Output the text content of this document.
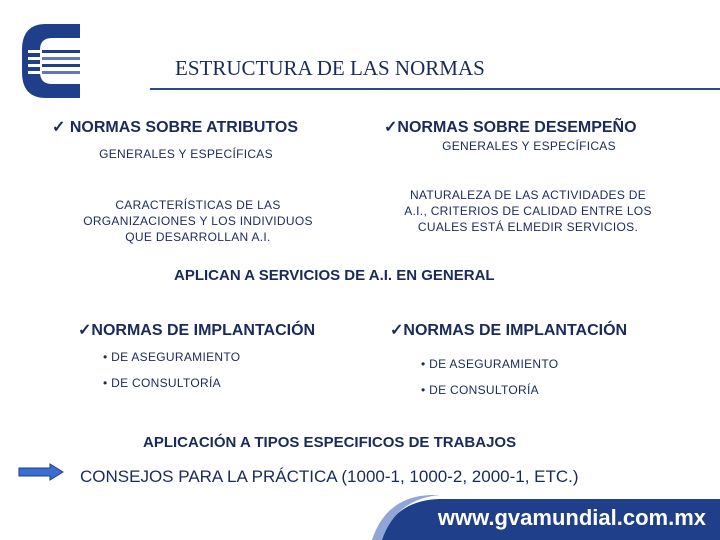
ESTRUCTURA DE LAS NORMAS
✓ NORMAS SOBRE ATRIBUTOS
GENERALES Y ESPECÍFICAS
CARACTERÍSTICAS DE LAS
ORGANIZACIONES Y LOS INDIVIDUOS
QUE DESARROLLAN A.I.
✓NORMAS SOBRE DESEMPEÑO
GENERALES Y ESPECÍFICAS
NATURALEZA DE LAS ACTIVIDADES DE
A.I., CRITERIOS DE CALIDAD ENTRE LOS
CUALES ESTÁ ELMEDIR SERVICIOS.
APLICAN A SERVICIOS DE A.I. EN GENERAL
✓NORMAS DE IMPLANTACIÓN
• DE ASEGURAMIENTO
• DE CONSULTORÍA
✓NORMAS DE IMPLANTACIÓN
• DE ASEGURAMIENTO
• DE CONSULTORÍA
APLICACIÓN A TIPOS ESPECIFICOS DE TRABAJOS
CONSEJOS PARA LA PRÁCTICA (1000-1, 1000-2, 2000-1, ETC.)
www.gvamundial.com.mx
